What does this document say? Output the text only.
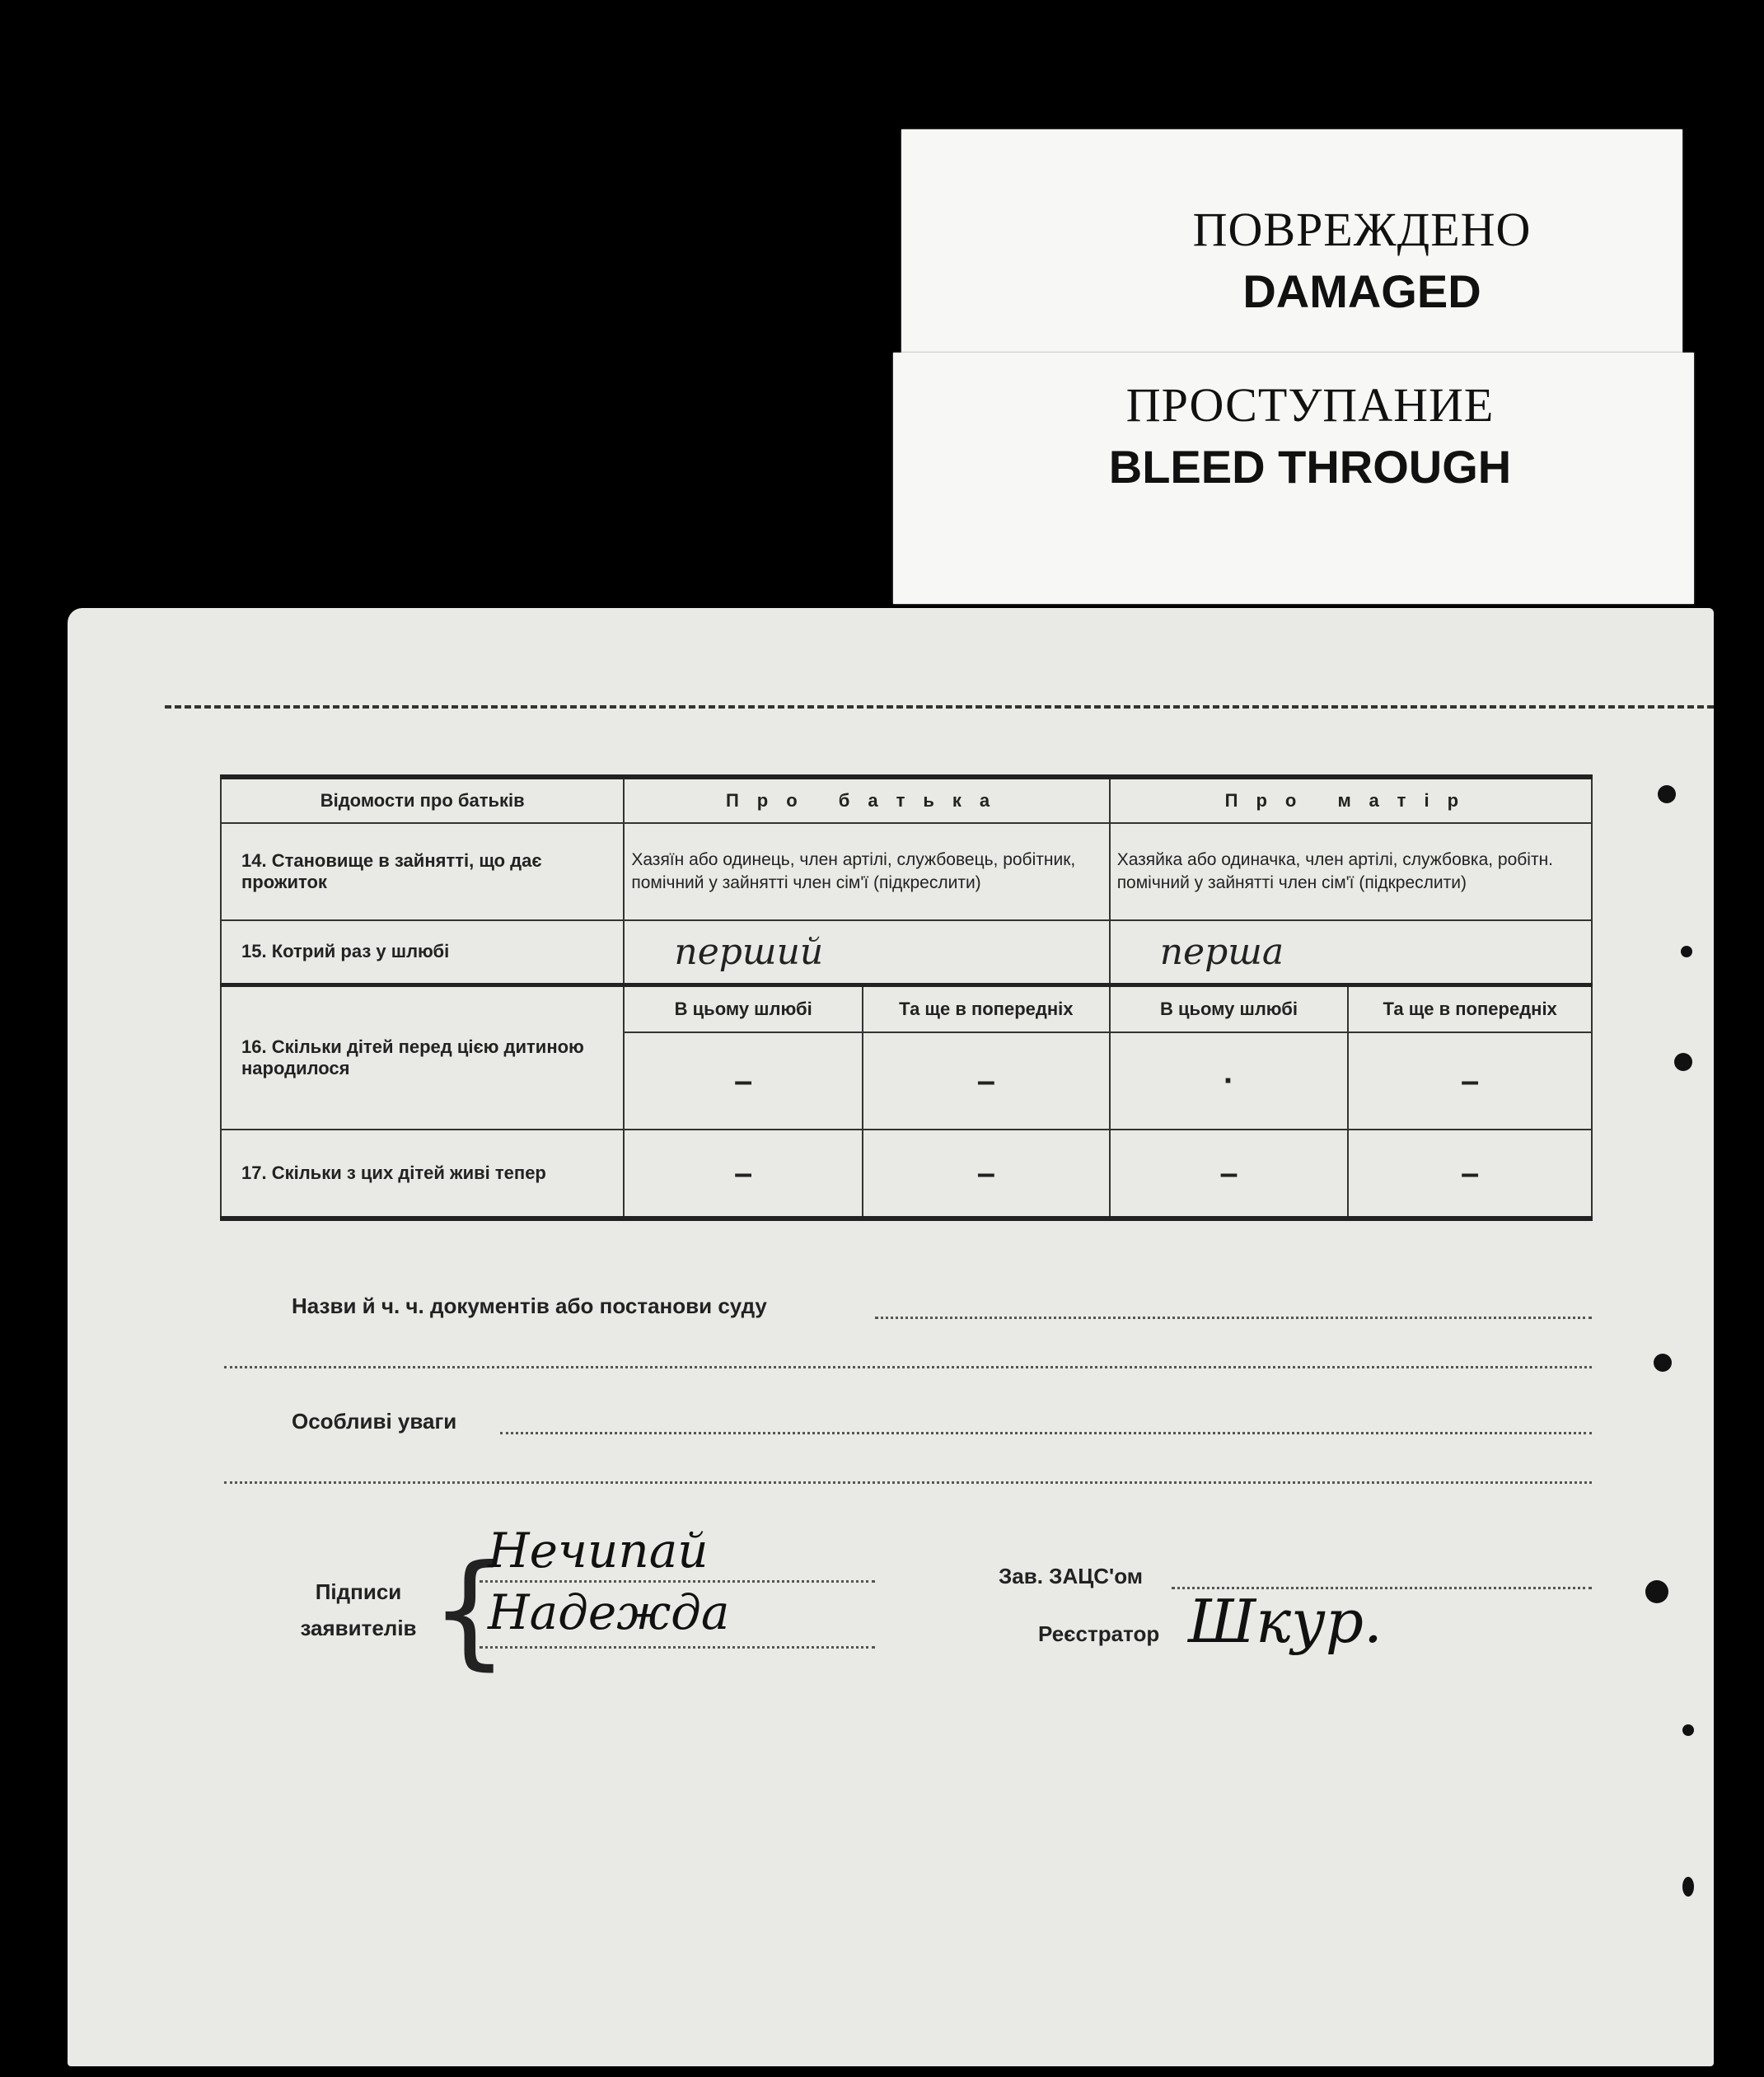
ПОВРЕЖДЕНО
DAMAGED
ПРОСТУПАНИЕ
BLEED THROUGH
Відомости про батьків	Про батька		Про матір	
14. Становище в зайнятті, що дає прожиток	Хазяїн або одинець, член артілі, службовець, робітник, помічний у зайнятті член сім'ї (підкреслити)		Хазяйка або одиначка, член артілі, службовка, робітн. помічний у зайнятті член сім'ї (підкреслити)	
15. Котрий раз у шлюбі	перший		перша	
16. Скільки дітей перед цією дитиною народилося	В цьому шлюбі	Та ще в попередніх	В цьому шлюбі	Та ще в попередніх
	–	–	·	–
17. Скільки з цих дітей живі тепер	–	–	–	–
Назви й ч. ч. документів або постанови суду
Особливі уваги
Підписи заявителів {
Нечипай
Надежда
Зав. ЗАЦС'ом
Реєстратор Шкур.
